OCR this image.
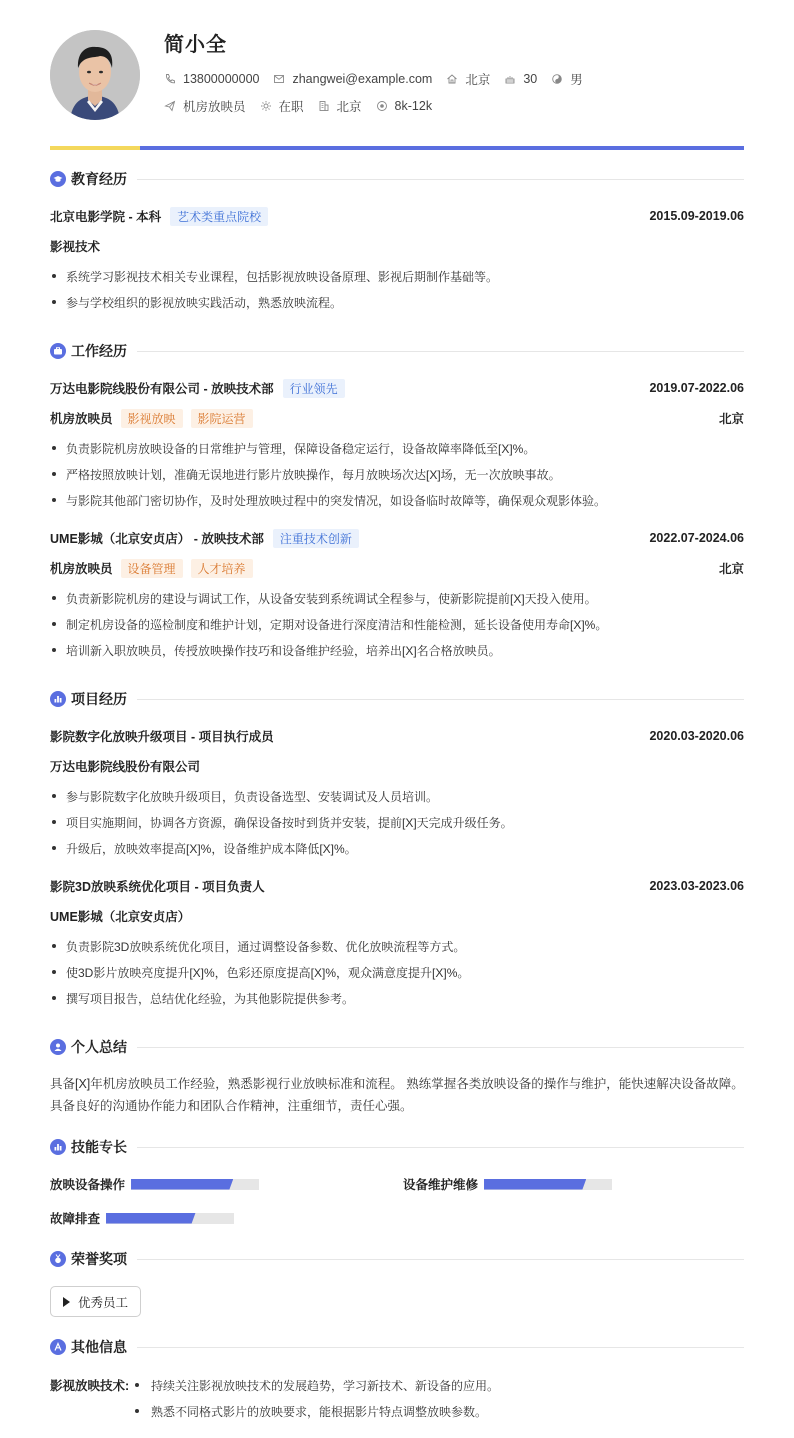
简小全
13800000000	zhangwei@example.com	北京	30	男
机房放映员	在职	北京	8k-12k
教育经历
北京电影学院 - 本科	艺术类重点院校	2015.09-2019.06
影视技术
系统学习影视技术相关专业课程，包括影视放映设备原理、影视后期制作基础等。
参与学校组织的影视放映实践活动，熟悉放映流程。
工作经历
万达电影院线股份有限公司 - 放映技术部	行业领先	2019.07-2022.06
机房放映员	影视放映	影院运营	北京
负责影院机房放映设备的日常维护与管理，保障设备稳定运行，设备故障率降低至[X]%。
严格按照放映计划，准确无误地进行影片放映操作，每月放映场次达[X]场，无一次放映事故。
与影院其他部门密切协作，及时处理放映过程中的突发情况，如设备临时故障等，确保观众观影体验。
UME影城（北京安贞店） - 放映技术部	注重技术创新	2022.07-2024.06
机房放映员	设备管理	人才培养	北京
负责新影院机房的建设与调试工作，从设备安装到系统调试全程参与，使新影院提前[X]天投入使用。
制定机房设备的巡检制度和维护计划，定期对设备进行深度清洁和性能检测，延长设备使用寿命[X]%。
培训新入职放映员，传授放映操作技巧和设备维护经验，培养出[X]名合格放映员。
项目经历
影院数字化放映升级项目 - 项目执行成员	2020.03-2020.06
万达电影院线股份有限公司
参与影院数字化放映升级项目，负责设备选型、安装调试及人员培训。
项目实施期间，协调各方资源，确保设备按时到货并安装，提前[X]天完成升级任务。
升级后，放映效率提高[X]%，设备维护成本降低[X]%。
影院3D放映系统优化项目 - 项目负责人	2023.03-2023.06
UME影城（北京安贞店）
负责影院3D放映系统优化项目，通过调整设备参数、优化放映流程等方式。
使3D影片放映亮度提升[X]%，色彩还原度提高[X]%，观众满意度提升[X]%。
撰写项目报告，总结优化经验，为其他影院提供参考。
个人总结
具备[X]年机房放映员工作经验，熟悉影视行业放映标准和流程。 熟练掌握各类放映设备的操作与维护，能快速解决设备故障。 具备良好的沟通协作能力和团队合作精神，注重细节，责任心强。
技能专长
放映设备操作	设备维护维修
故障排查
荣誉奖项
优秀员工
其他信息
影视放映技术: 持续关注影视放映技术的发展趋势，学习新技术、新设备的应用。
熟悉不同格式影片的放映要求，能根据影片特点调整放映参数。
